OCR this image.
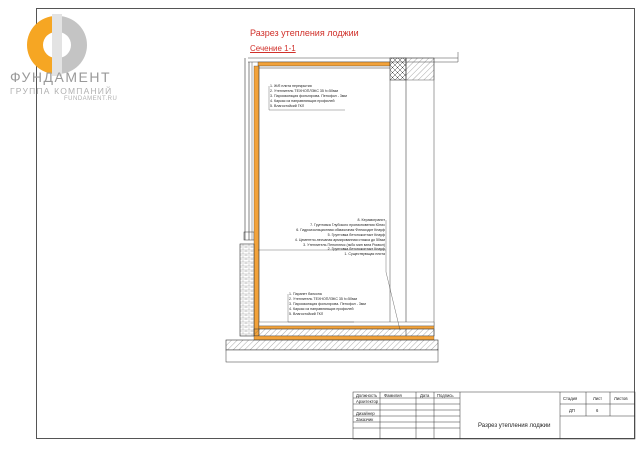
ФУНДАМЕНТ
ГРУППА КОМПАНИЙ
FUNDAMENT.RU
Разрез утепления лоджии
Сечение 1-1
1. Ж/б плита перекрытия
2. Утеплитель ТЕХНОПЛЭКС 35 h=50мм
3. Пароизоляция фольгирова. Пенофол - 3мм
4. Каркас из направляющих профилей
5. Влагостойкий ГКЛ
8. Керамогранит
7. Грунтовка Глубокого проникновения Юнис
6. Гидроизоляционная обмазочная Флексидит Кнауф
5. Грунтовка бетоноконтакт Кнауф
4. Цементно-песчаная армированная стяжка до 50мм
3. Утеплитель Пеноплекс (экбо мин вата Роквол)
2. Грунтовка бетоноконтакт Кнауф
1. Существующая плита
1. Парапет балкона
2. Утеплитель ТЕХНОПЛЭКС 35 h=50мм
3. Пароизоляция фольгирова. Пенофол - 3мм
4. Каркас из направляющих профилей
5. Влагостойкий ГКЛ
Должность Фамилия	Дата Подпись
Архитектор
Дизайнер
Заказчик
Стадия	Лист	Листов
ДП	6
Разрез утепления лоджии
